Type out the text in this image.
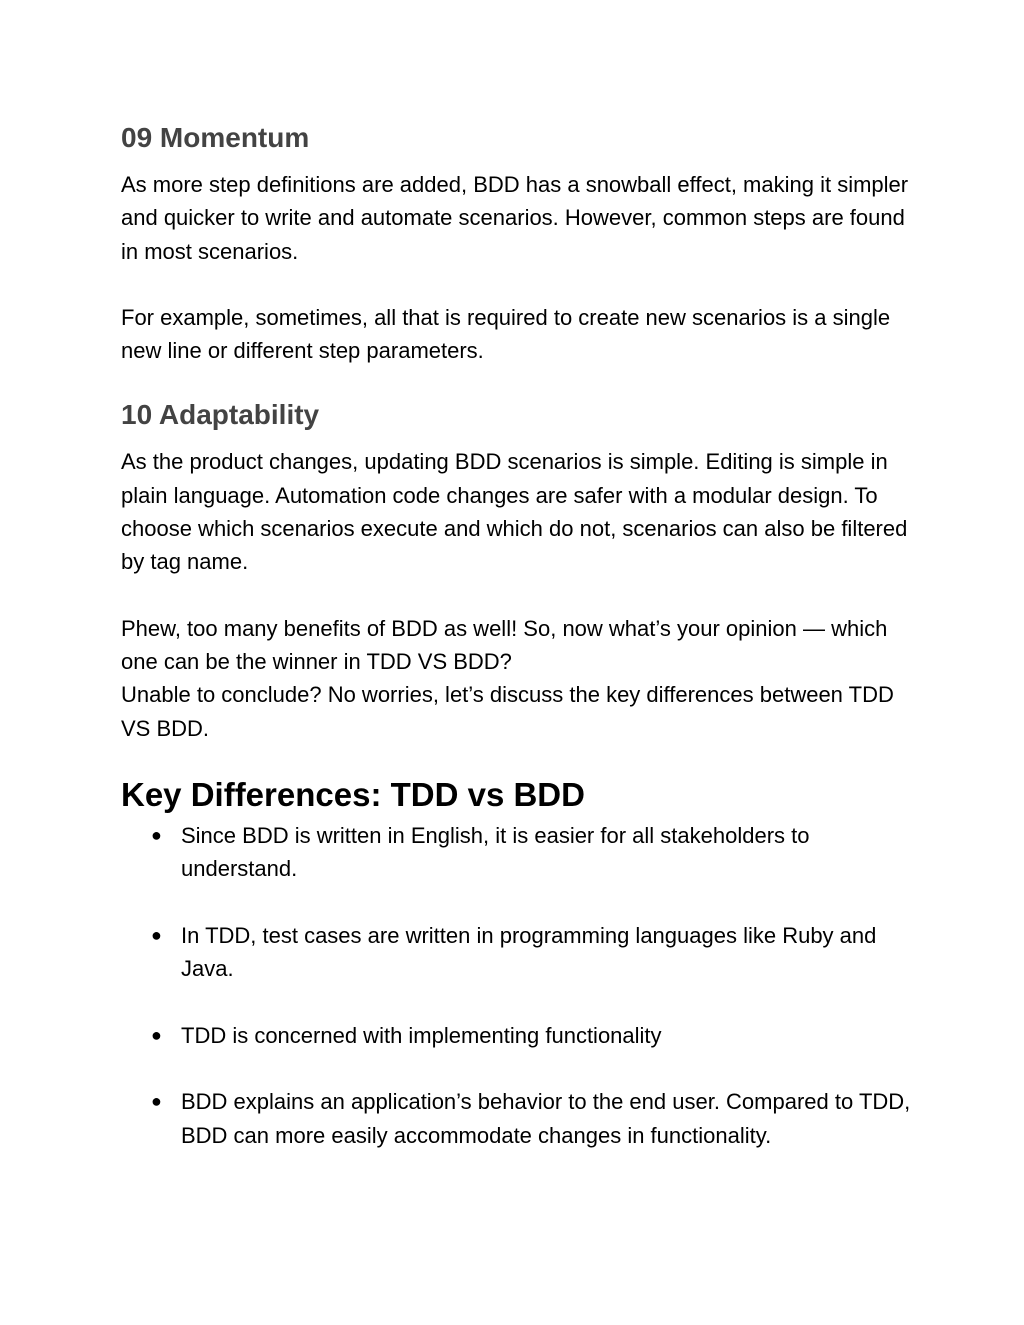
09 Momentum

As more step definitions are added, BDD has a snowball effect, making it simpler and quicker to write and automate scenarios. However, common steps are found in most scenarios.

For example, sometimes, all that is required to create new scenarios is a single new line or different step parameters.

10 Adaptability

As the product changes, updating BDD scenarios is simple. Editing is simple in plain language. Automation code changes are safer with a modular design. To choose which scenarios execute and which do not, scenarios can also be filtered by tag name.

Phew, too many benefits of BDD as well! So, now what’s your opinion — which one can be the winner in TDD VS BDD?

Unable to conclude? No worries, let’s discuss the key differences between TDD VS BDD.

Key Differences: TDD vs BDD
● Since BDD is written in English, it is easier for all stakeholders to understand.
● In TDD, test cases are written in programming languages like Ruby and Java.
● TDD is concerned with implementing functionality
● BDD explains an application’s behavior to the end user. Compared to TDD, BDD can more easily accommodate changes in functionality.
